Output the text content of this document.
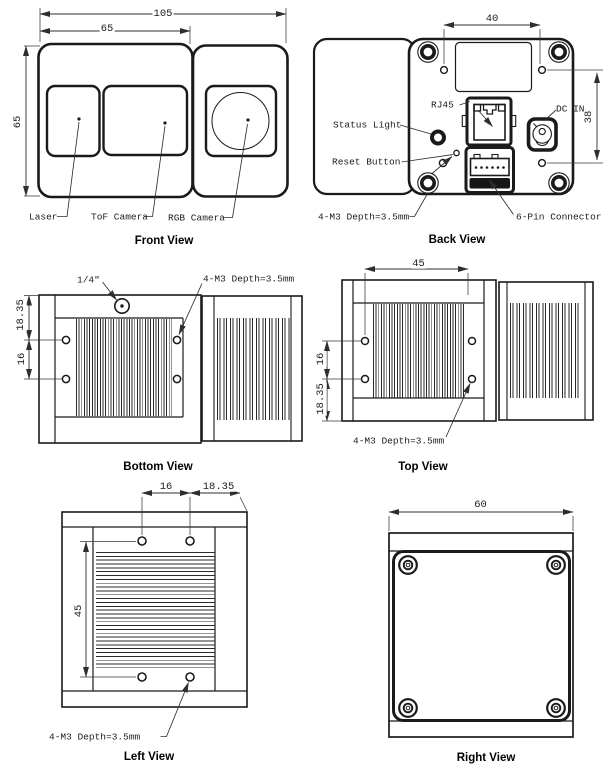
105
65
65
Laser	ToF Camera RGB Camera
Front View
40
38
RJ45	DC IN
Status Light
Reset Button
4-M3 Depth=3.5mm	6-Pin Connector
Back View
1/4"	4-M3 Depth=3.5mm
18.35
16
Bottom View
45
16
18.35
4-M3 Depth=3.5mm
Top View
16	18.35
45
4-M3 Depth=3.5mm
Left View
60
Right View
